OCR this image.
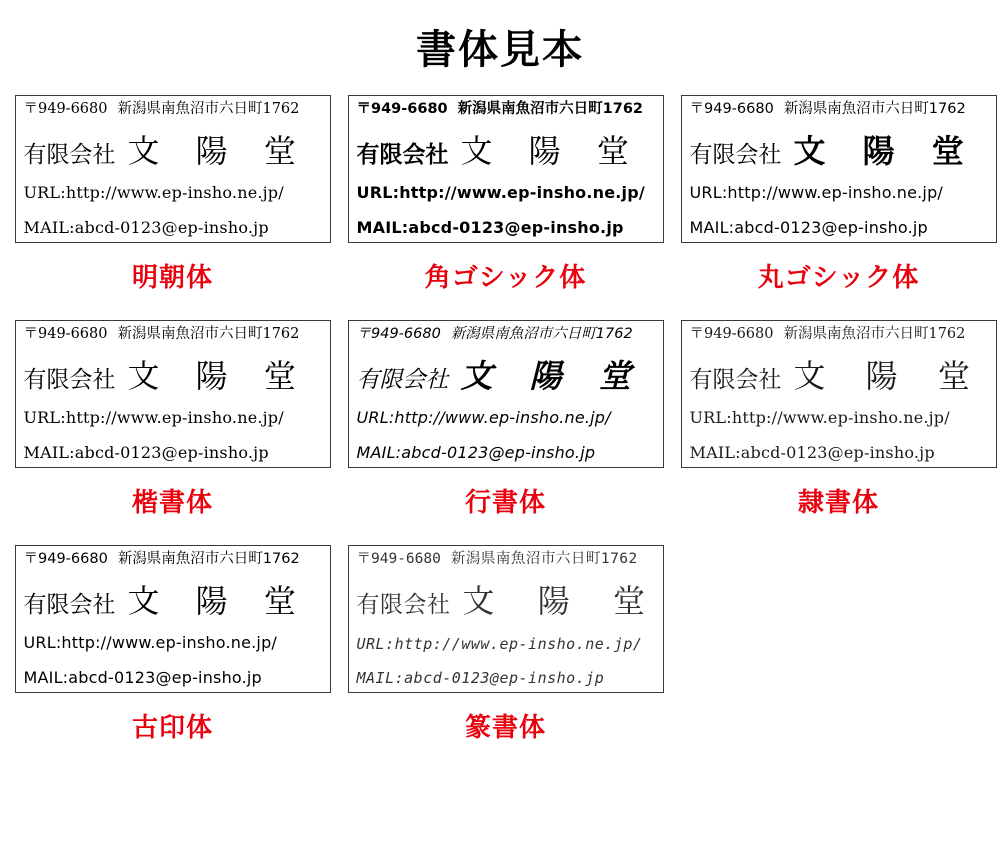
書体見本
〒949-6680 新潟県南魚沼市六日町1762
有限会社 文 陽 堂
URL:http://www.ep-insho.ne.jp/
MAIL:abcd-0123@ep-insho.jp
明朝体
〒949-6680 新潟県南魚沼市六日町1762
有限会社 文 陽 堂
URL:http://www.ep-insho.ne.jp/
MAIL:abcd-0123@ep-insho.jp
角ゴシック体
〒949-6680 新潟県南魚沼市六日町1762
有限会社 文 陽 堂
URL:http://www.ep-insho.ne.jp/
MAIL:abcd-0123@ep-insho.jp
丸ゴシック体
〒949-6680 新潟県南魚沼市六日町1762
有限会社 文 陽 堂
URL:http://www.ep-insho.ne.jp/
MAIL:abcd-0123@ep-insho.jp
楷書体
〒949-6680 新潟県南魚沼市六日町1762
有限会社 文 陽 堂
URL:http://www.ep-insho.ne.jp/
MAIL:abcd-0123@ep-insho.jp
行書体
〒949-6680 新潟県南魚沼市六日町1762
有限会社 文 陽 堂
URL:http://www.ep-insho.ne.jp/
MAIL:abcd-0123@ep-insho.jp
隷書体
〒949-6680 新潟県南魚沼市六日町1762
有限会社 文 陽 堂
URL:http://www.ep-insho.ne.jp/
MAIL:abcd-0123@ep-insho.jp
古印体
〒949-6680 新潟県南魚沼市六日町1762
有限会社 文 陽 堂
URL:http://www.ep-insho.ne.jp/
MAIL:abcd-0123@ep-insho.jp
篆書体
